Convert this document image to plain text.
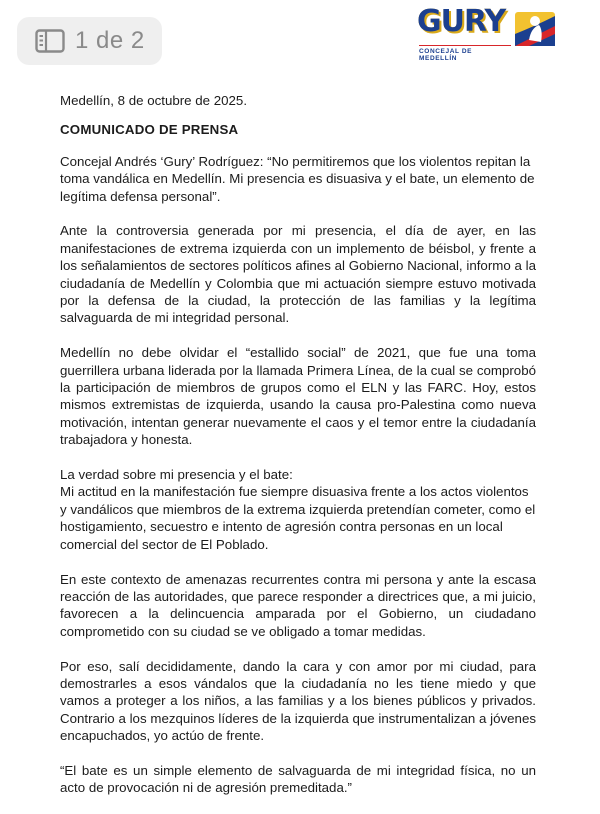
1 de 2
GURY
CONCEJAL DE MEDELLÍN

Medellín, 8 de octubre de 2025.

COMUNICADO DE PRENSA

Concejal Andrés ‘Gury’ Rodríguez: “No permitiremos que los violentos repitan la toma vandálica en Medellín. Mi presencia es disuasiva y el bate, un elemento de legítima defensa personal”.

Ante la controversia generada por mi presencia, el día de ayer, en las manifestaciones de extrema izquierda con un implemento de béisbol, y frente a los señalamientos de sectores políticos afines al Gobierno Nacional, informo a la ciudadanía de Medellín y Colombia que mi actuación siempre estuvo motivada por la defensa de la ciudad, la protección de las familias y la legítima salvaguarda de mi integridad personal.

Medellín no debe olvidar el “estallido social” de 2021, que fue una toma guerrillera urbana liderada por la llamada Primera Línea, de la cual se comprobó la participación de miembros de grupos como el ELN y las FARC. Hoy, estos mismos extremistas de izquierda, usando la causa pro-Palestina como nueva motivación, intentan generar nuevamente el caos y el temor entre la ciudadanía trabajadora y honesta.

La verdad sobre mi presencia y el bate:
Mi actitud en la manifestación fue siempre disuasiva frente a los actos violentos y vandálicos que miembros de la extrema izquierda pretendían cometer, como el hostigamiento, secuestro e intento de agresión contra personas en un local comercial del sector de El Poblado.

En este contexto de amenazas recurrentes contra mi persona y ante la escasa reacción de las autoridades, que parece responder a directrices que, a mi juicio, favorecen a la delincuencia amparada por el Gobierno, un ciudadano comprometido con su ciudad se ve obligado a tomar medidas.

Por eso, salí decididamente, dando la cara y con amor por mi ciudad, para demostrarles a esos vándalos que la ciudadanía no les tiene miedo y que vamos a proteger a los niños, a las familias y a los bienes públicos y privados. Contrario a los mezquinos líderes de la izquierda que instrumentalizan a jóvenes encapuchados, yo actúo de frente.

“El bate es un simple elemento de salvaguarda de mi integridad física, no un acto de provocación ni de agresión premeditada.”
